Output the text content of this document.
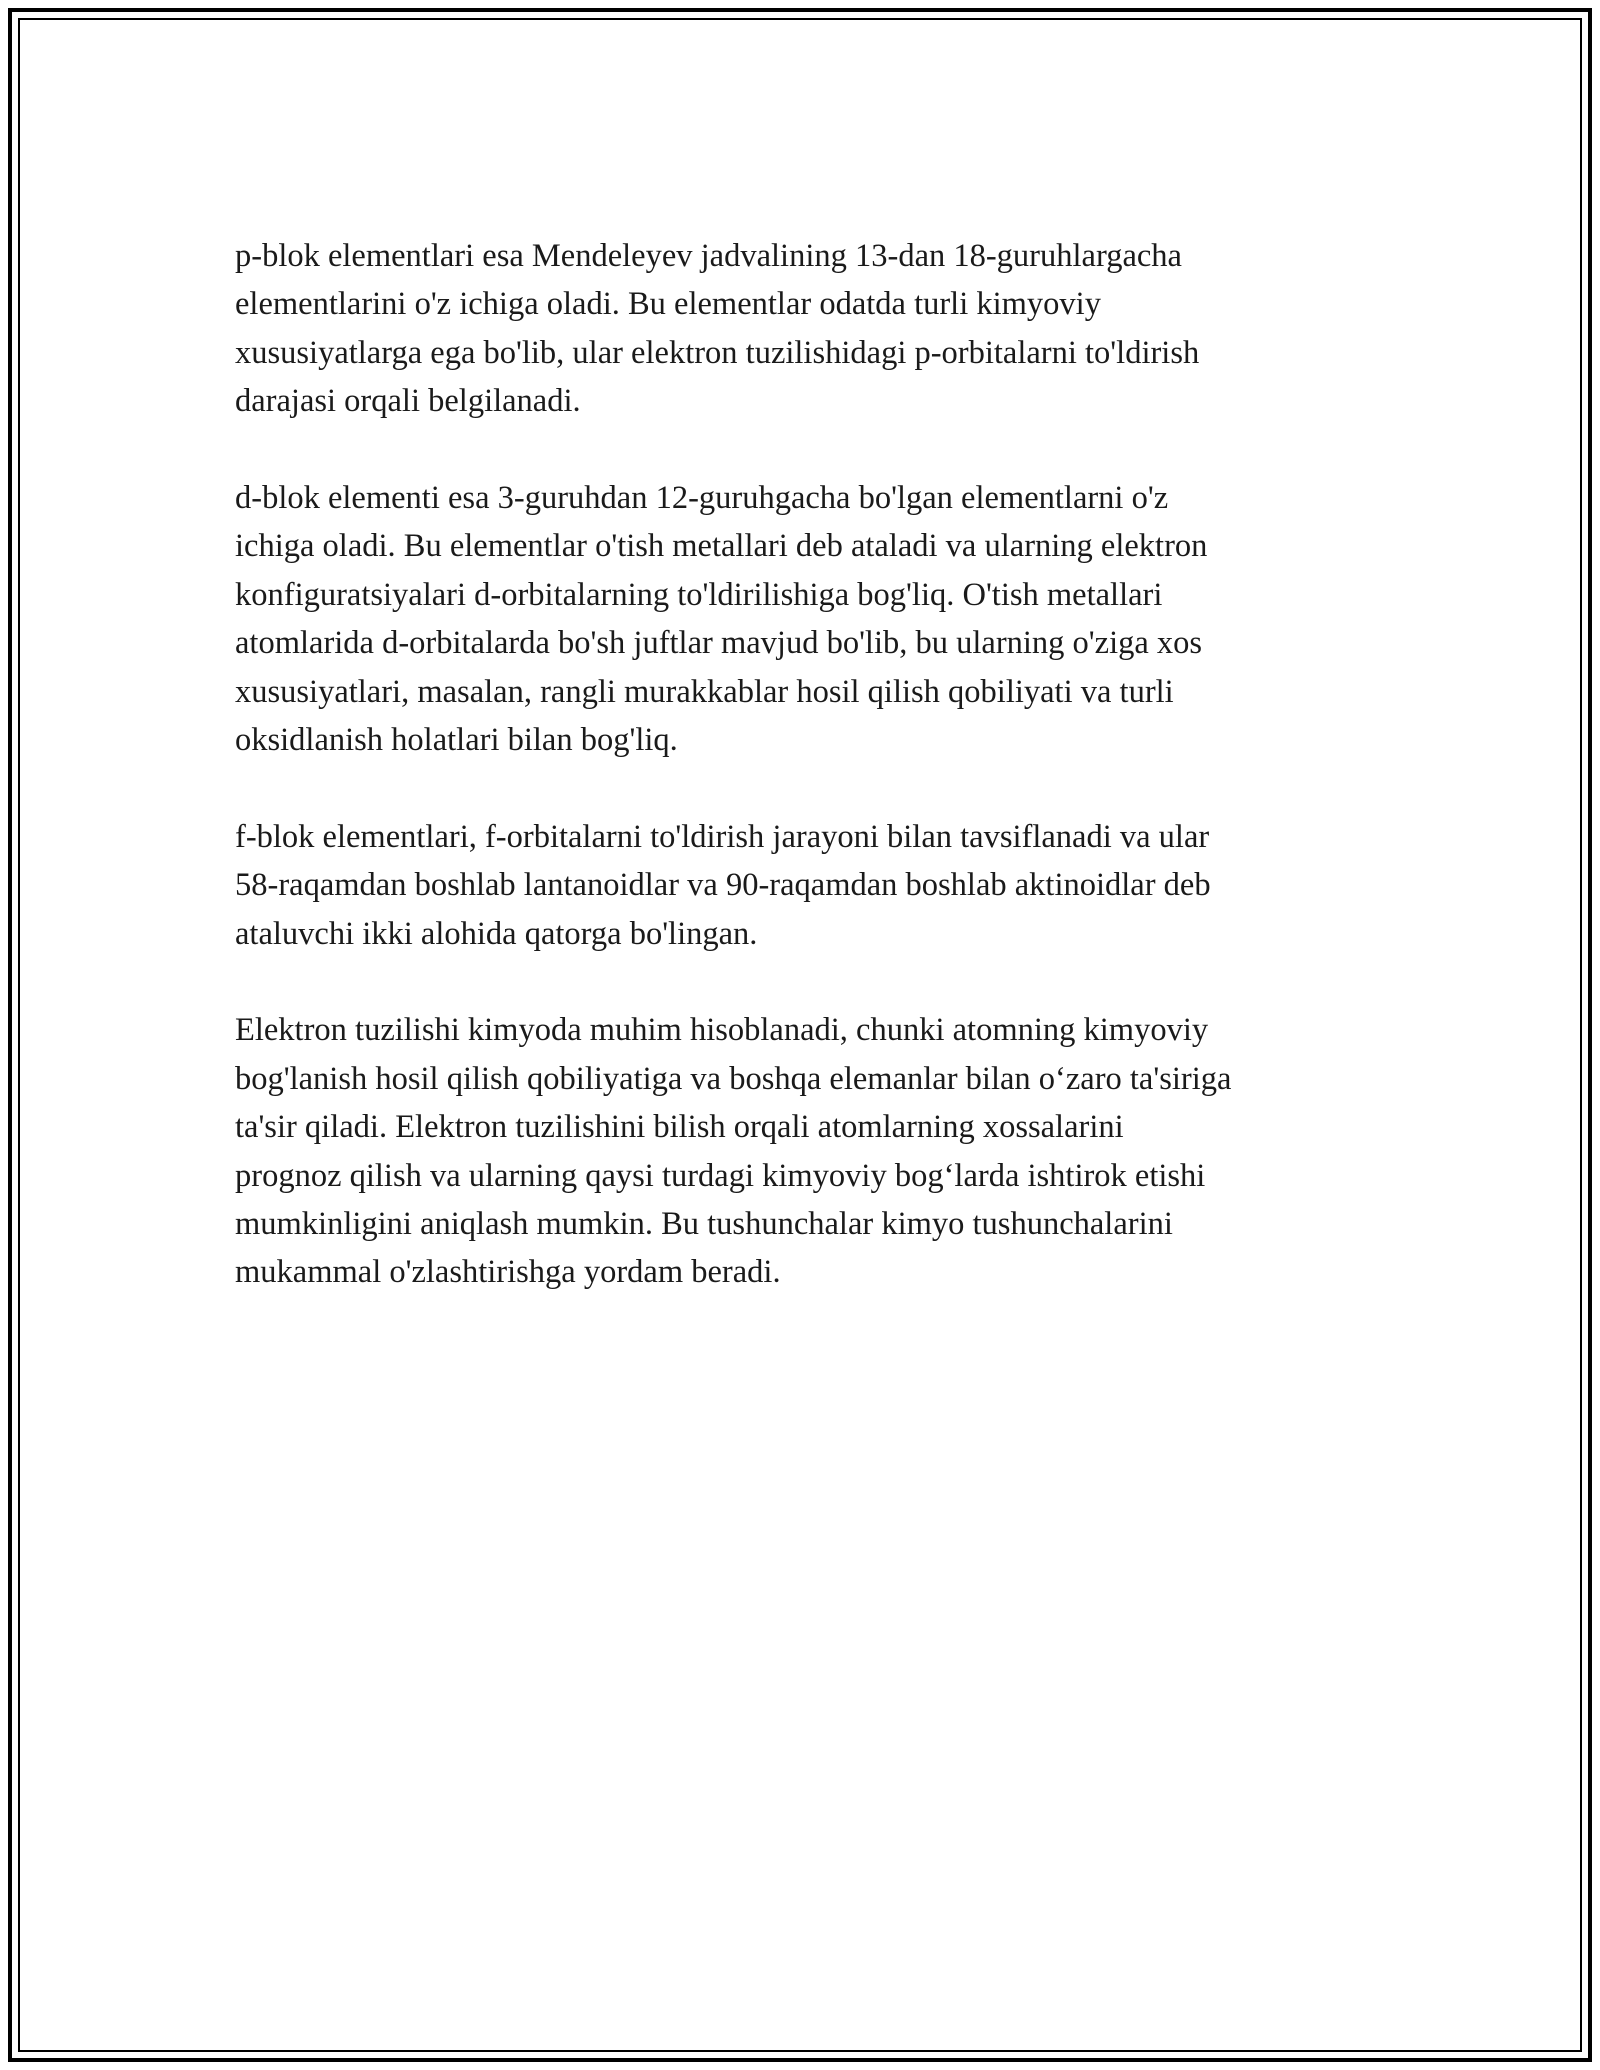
p-blok elementlari esa Mendeleyev jadvalining 13-dan 18-guruhlargacha
elementlarini o'z ichiga oladi. Bu elementlar odatda turli kimyoviy
xususiyatlarga ega bo'lib, ular elektron tuzilishidagi p-orbitalarni to'ldirish
darajasi orqali belgilanadi.

d-blok elementi esa 3-guruhdan 12-guruhgacha bo'lgan elementlarni o'z
ichiga oladi. Bu elementlar o'tish metallari deb ataladi va ularning elektron
konfiguratsiyalari d-orbitalarning to'ldirilishiga bog'liq. O'tish metallari
atomlarida d-orbitalarda bo'sh juftlar mavjud bo'lib, bu ularning o'ziga xos
xususiyatlari, masalan, rangli murakkablar hosil qilish qobiliyati va turli
oksidlanish holatlari bilan bog'liq.

f-blok elementlari, f-orbitalarni to'ldirish jarayoni bilan tavsiflanadi va ular
58-raqamdan boshlab lantanoidlar va 90-raqamdan boshlab aktinoidlar deb
ataluvchi ikki alohida qatorga bo'lingan.

Elektron tuzilishi kimyoda muhim hisoblanadi, chunki atomning kimyoviy
bog'lanish hosil qilish qobiliyatiga va boshqa elemanlar bilan o‘zaro ta'siriga
ta'sir qiladi. Elektron tuzilishini bilish orqali atomlarning xossalarini
prognoz qilish va ularning qaysi turdagi kimyoviy bog‘larda ishtirok etishi
mumkinligini aniqlash mumkin. Bu tushunchalar kimyo tushunchalarini
mukammal o'zlashtirishga yordam beradi.
